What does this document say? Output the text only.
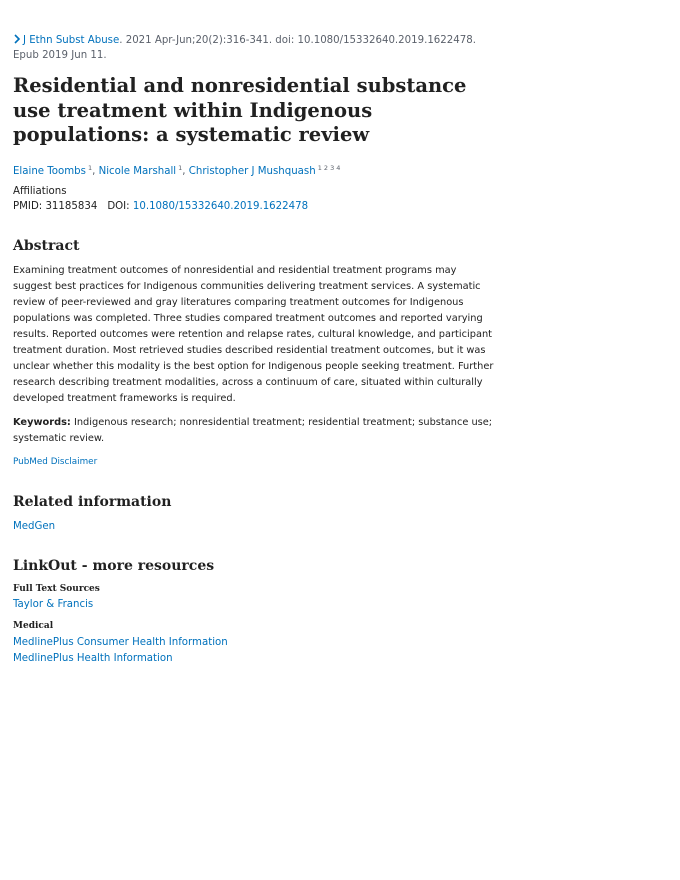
J Ethn Subst Abuse. 2021 Apr-Jun;20(2):316-341. doi: 10.1080/15332640.2019.1622478.
Epub 2019 Jun 11.
Residential and nonresidential substance use treatment within Indigenous populations: a systematic review
Elaine Toombs $^1$, Nicole Marshall $^1$, Christopher J Mushquash $^{1 2 3 4}$
Affiliations
PMID: 31185834 DOI: 10.1080/15332640.2019.1622478
Abstract

Examining treatment outcomes of nonresidential and residential treatment programs may suggest best practices for Indigenous communities delivering treatment services. A systematic review of peer-reviewed and gray literatures comparing treatment outcomes for Indigenous populations was completed. Three studies compared treatment outcomes and reported varying results. Reported outcomes were retention and relapse rates, cultural knowledge, and participant treatment duration. Most retrieved studies described residential treatment outcomes, but it was unclear whether this modality is the best option for Indigenous people seeking treatment. Further research describing treatment modalities, across a continuum of care, situated within culturally developed treatment frameworks is required.

Keywords: Indigenous research; nonresidential treatment; residential treatment; substance use; systematic review.

PubMed Disclaimer
Related information
MedGen
LinkOut - more resources
Full Text Sources
Taylor & Francis
Medical
MedlinePlus Consumer Health Information
MedlinePlus Health Information
